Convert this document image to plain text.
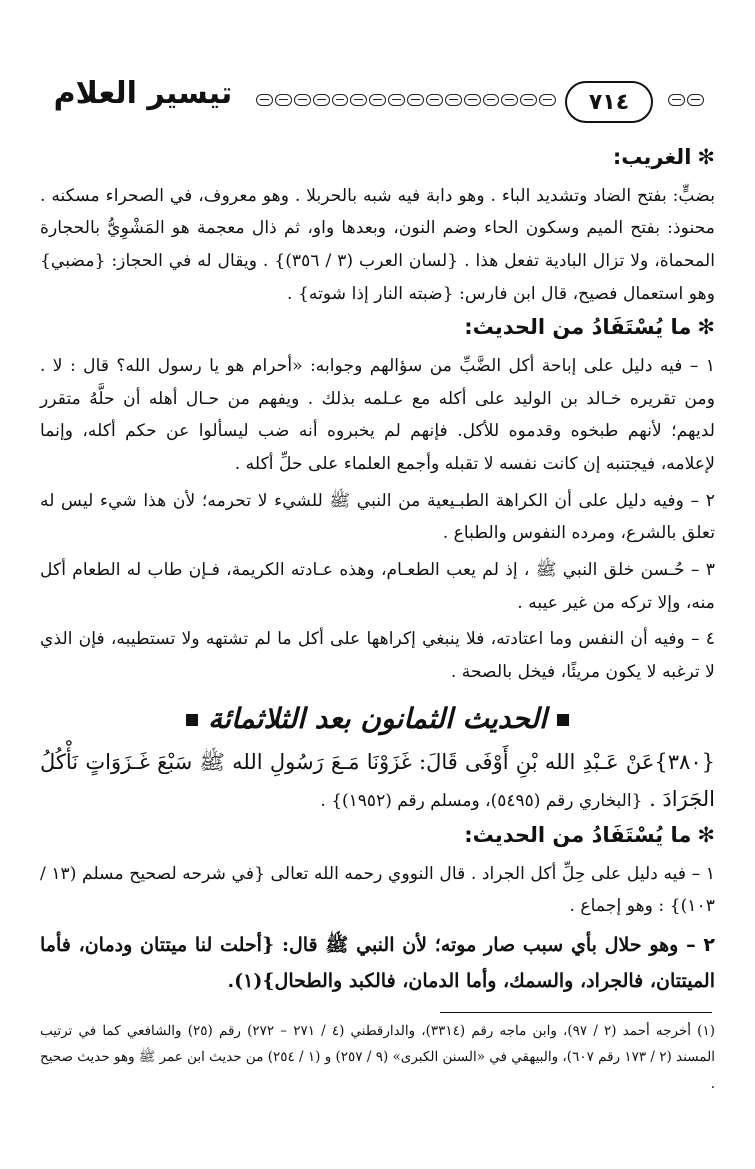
٧١٤
تيسير العلام
✻الغريب:

بضبٍّ: بفتح الضاد وتشديد الباء . وهو دابة فيه شبه بالحربلا . وهو معروف، في الصحراء مسكنه . محنوذ: بفتح الميم وسكون الحاء وضم النون، وبعدها واو، ثم ذال معجمة هو المَشْوِيُّ بالحجارة المحماة، ولا تزال البادية تفعل هذا . {لسان العرب (٣ / ٣٥٦)} . ويقال له في الحجاز: {مضبي} وهو استعمال فصيح، قال ابن فارس: {ضبته النار إذا شوته} .

✻ما يُسْتَفَادُ من الحديث:
١ – فيه دليل على إباحة أكل الضَّبِّ من سؤالهم وجوابه: «أحرام هو يا رسول الله؟ قال : لا . ومن تقريره خـالد بن الوليد على أكله مع عـلمه بذلك . ويفهم من حـال أهله أن حلَّهُ متقرر لديهم؛ لأنهم طبخوه وقدموه للأكل. فإنهم لم يخبروه أنه ضب ليسألوا عن حكم أكله، وإنما لإعلامه، فيجتنبه إن كانت نفسه لا تقبله وأجمع العلماء على حلِّ أكله .
٢ – وفيه دليل على أن الكراهة الطبـيعية من النبي ﷺ للشيء لا تحرمه؛ لأن هذا شيء ليس له تعلق بالشرع، ومرده النفوس والطباع .
٣ – حُـسن خلق النبي ﷺ ، إذ لم يعب الطعـام، وهذه عـادته الكريمة، فـإن طاب له الطعام أكل منه، وإلا تركه من غير عيبه .
٤ – وفيه أن النفس وما اعتادته، فلا ينبغي إكراهها على أكل ما لم تشتهه ولا تستطيبه، فإن الذي لا ترغبه لا يكون مريئًا، فيخل بالصحة .
الحديث الثمانون بعد الثلاثمائة

{٣٨٠}عَنْ عَـبْدِ الله بْنِ أَوْفَى قَالَ: غَزَوْنَا مَـعَ رَسُولِ الله ﷺ سَبْعَ غَـزَوَاتٍ نَأْكُلُ الجَرَادَ . {البخاري رقم (٥٤٩٥)، ومسلم رقم (١٩٥٢)} .

✻ما يُسْتَفَادُ من الحديث:
١ – فيه دليل على حِلِّ أكل الجراد . قال النووي رحمه الله تعالى {في شرحه لصحيح مسلم (١٣ / ١٠٣)} : وهو إجماع .
٢ – وهو حلال بأي سبب صار موته؛ لأن النبي ﷺ قال: {أحلت لنا ميتتان ودمان، فأما الميتتان، فالجراد، والسمك، وأما الدمان، فالكبد والطحال}(١).
(١) أخرجه أحمد (٢ / ٩٧)، وابن ماجه رقم (٣٣١٤)، والدارقطني (٤ / ٢٧١ – ٢٧٢) رقم (٢٥) والشافعي كما في ترتيب المسند (٢ / ١٧٣ رقم ٦٠٧)، والبيهقي في «السنن الكبرى» (٩ / ٢٥٧) و (١ / ٢٥٤) من حديث ابن عمر ﷺ وهو حديث صحيح .
